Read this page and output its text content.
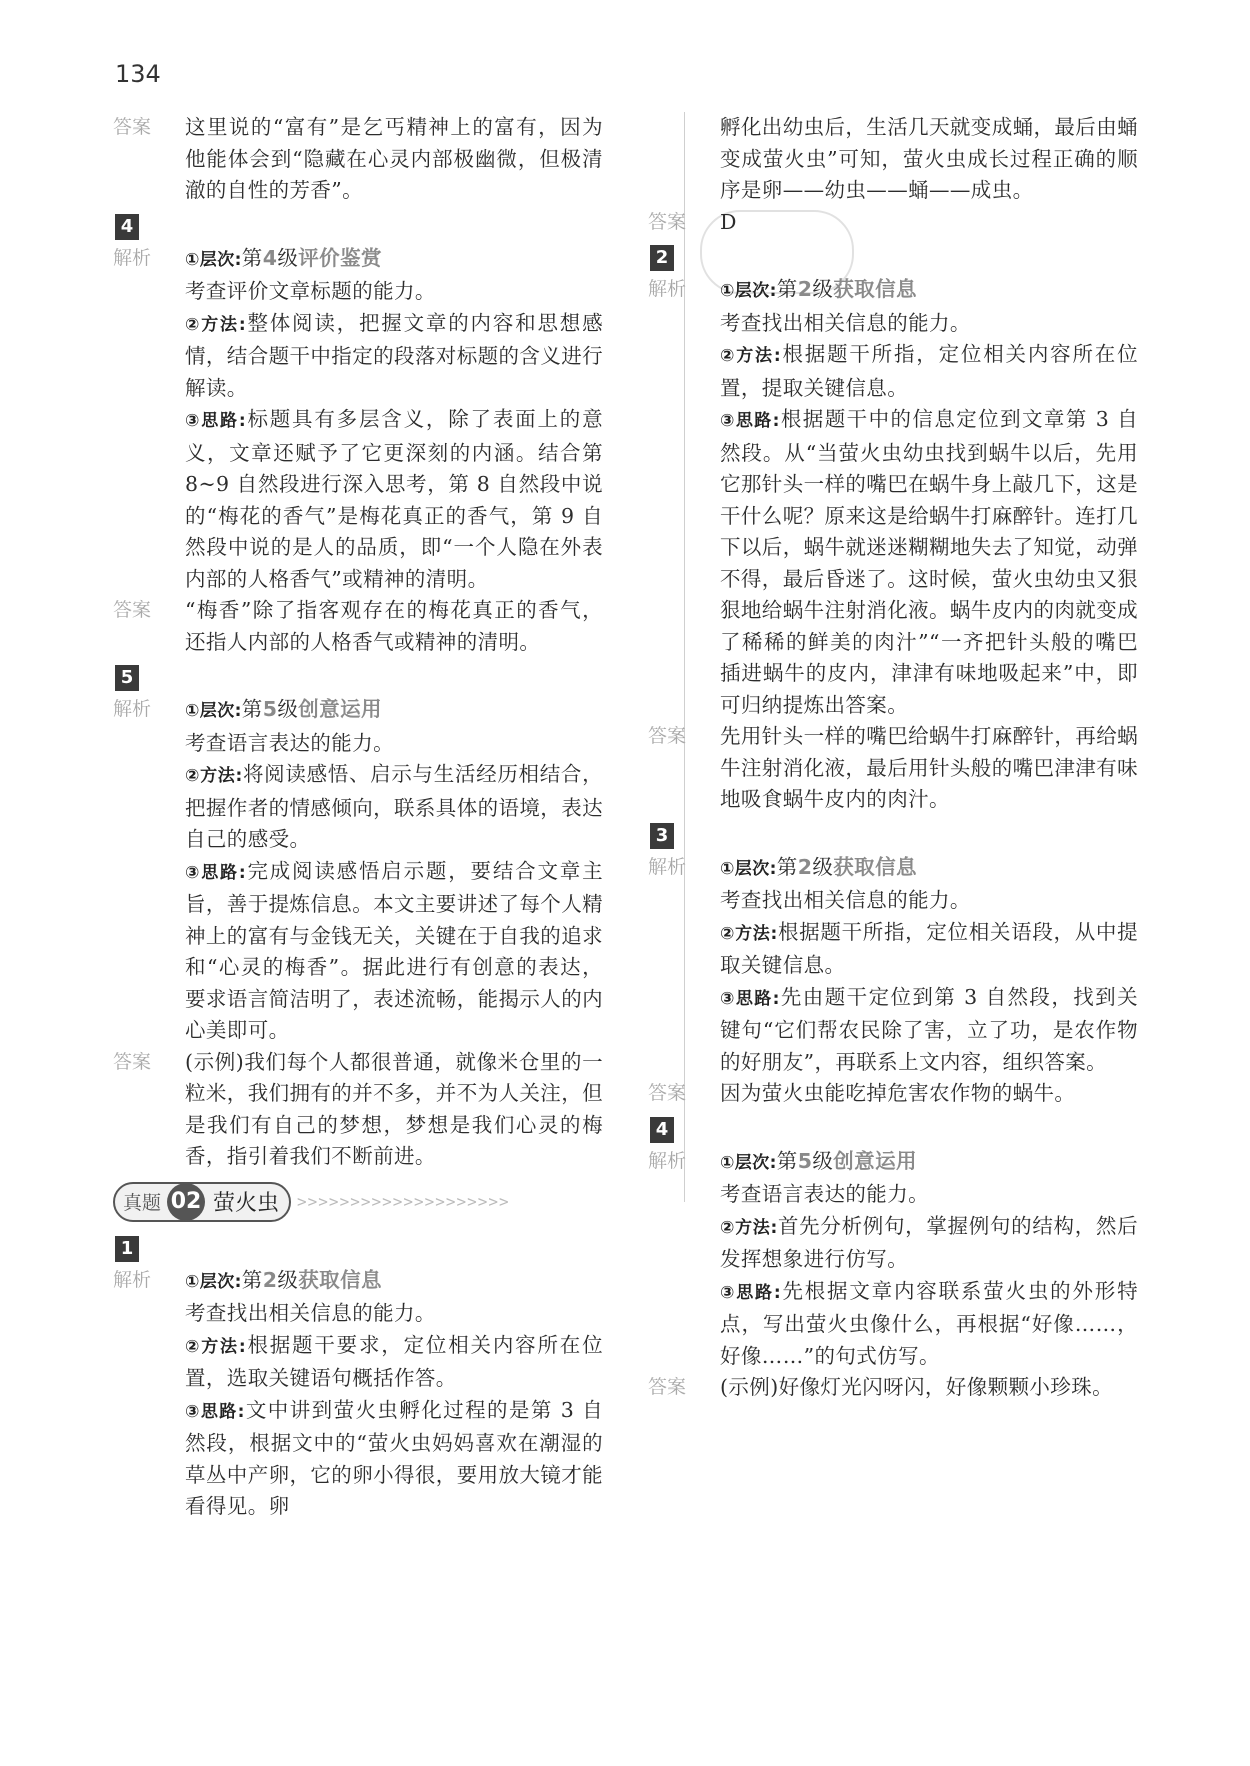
134
答案	这里说的“富有”是乞丐精神上的富有，因为他能体会到“隐藏在心灵内部极幽微，但极清澈的自性的芳香”。

4
解析	①层次:第4级评价鉴赏

考查评价文章标题的能力。

②方法:整体阅读，把握文章的内容和思想感情，结合题干中指定的段落对标题的含义进行解读。

③思路:标题具有多层含义，除了表面上的意义，文章还赋予了它更深刻的内涵。结合第 8~9 自然段进行深入思考，第 8 自然段中说的“梅花的香气”是梅花真正的香气，第 9 自然段中说的是人的品质，即“一个人隐在外表内部的人格香气”或精神的清明。

答案	“梅香”除了指客观存在的梅花真正的香气，还指人内部的人格香气或精神的清明。

5
解析	①层次:第5级创意运用

考查语言表达的能力。

②方法:将阅读感悟、启示与生活经历相结合，把握作者的情感倾向，联系具体的语境，表达自己的感受。

③思路:完成阅读感悟启示题，要结合文章主旨，善于提炼信息。本文主要讲述了每个人精神上的富有与金钱无关，关键在于自我的追求和“心灵的梅香”。据此进行有创意的表达，要求语言简洁明了，表述流畅，能揭示人的内心美即可。

答案	(示例)我们每个人都很普通，就像米仓里的一粒米，我们拥有的并不多，并不为人关注，但是我们有自己的梦想，梦想是我们心灵的梅香，指引着我们不断前进。

真题 02 萤火虫 >>>>>>>>>>>>>>>>>>>>
1
解析	①层次:第2级获取信息

考查找出相关信息的能力。

②方法:根据题干要求，定位相关内容所在位置，选取关键语句概括作答。

③思路:文中讲到萤火虫孵化过程的是第 3 自然段，根据文中的“萤火虫妈妈喜欢在潮湿的草丛中产卵，它的卵小得很，要用放大镜才能看得见。卵

孵化出幼虫后，生活几天就变成蛹，最后由蛹变成萤火虫”可知，萤火虫成长过程正确的顺序是卵——幼虫——蛹——成虫。

答案	D

2
解析	①层次:第2级获取信息

考查找出相关信息的能力。

②方法:根据题干所指，定位相关内容所在位置，提取关键信息。

③思路:根据题干中的信息定位到文章第 3 自然段。从“当萤火虫幼虫找到蜗牛以后，先用它那针头一样的嘴巴在蜗牛身上敲几下，这是干什么呢？原来这是给蜗牛打麻醉针。连打几下以后，蜗牛就迷迷糊糊地失去了知觉，动弹不得，最后昏迷了。这时候，萤火虫幼虫又狠狠地给蜗牛注射消化液。蜗牛皮内的肉就变成了稀稀的鲜美的肉汁”“一齐把针头般的嘴巴插进蜗牛的皮内，津津有味地吸起来”中，即可归纳提炼出答案。

答案	先用针头一样的嘴巴给蜗牛打麻醉针，再给蜗牛注射消化液，最后用针头般的嘴巴津津有味地吸食蜗牛皮内的肉汁。

3
解析	①层次:第2级获取信息

考查找出相关信息的能力。

②方法:根据题干所指，定位相关语段，从中提取关键信息。

③思路:先由题干定位到第 3 自然段，找到关键句“它们帮农民除了害，立了功，是农作物的好朋友”，再联系上文内容，组织答案。

答案	因为萤火虫能吃掉危害农作物的蜗牛。

4
解析	①层次:第5级创意运用

考查语言表达的能力。

②方法:首先分析例句，掌握例句的结构，然后发挥想象进行仿写。

③思路:先根据文章内容联系萤火虫的外形特点，写出萤火虫像什么，再根据“好像……，好像……”的句式仿写。

答案	(示例)好像灯光闪呀闪，好像颗颗小珍珠。
